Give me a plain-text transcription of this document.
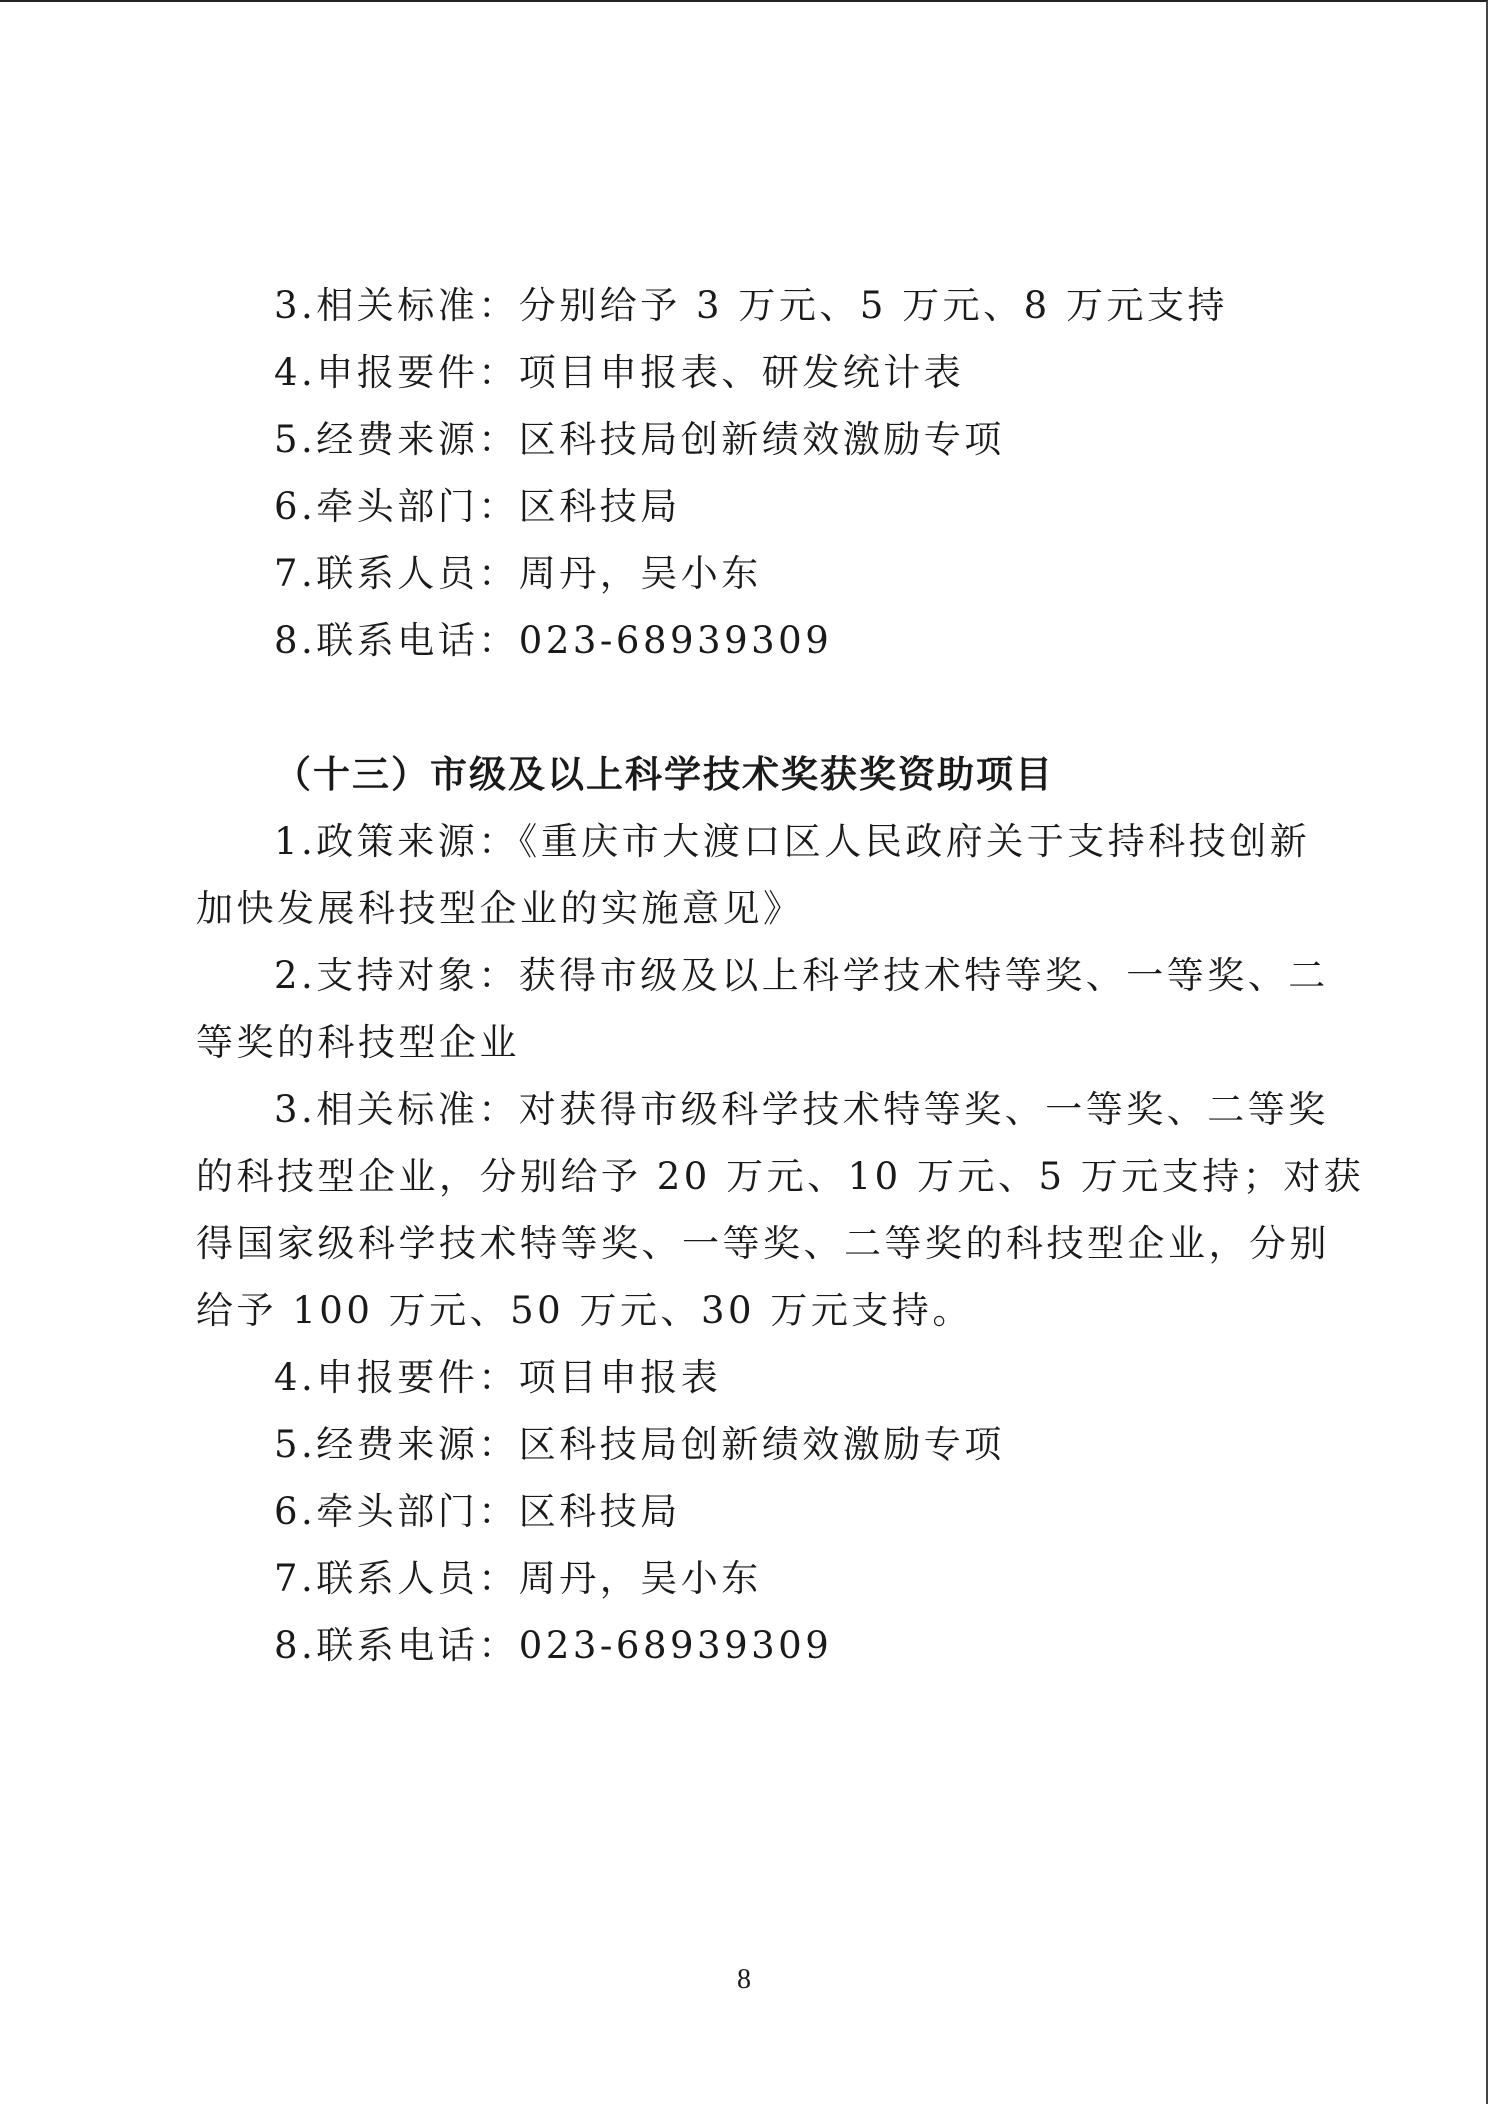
3.相关标准：分别给予 3 万元、5 万元、8 万元支持
4.申报要件：项目申报表、研发统计表
5.经费来源：区科技局创新绩效激励专项
6.牵头部门：区科技局
7.联系人员：周丹，吴小东
8.联系电话：023-68939309
（十三）市级及以上科学技术奖获奖资助项目
1.政策来源：《重庆市大渡口区人民政府关于支持科技创新
加快发展科技型企业的实施意见》
2.支持对象：获得市级及以上科学技术特等奖、一等奖、二
等奖的科技型企业
3.相关标准：对获得市级科学技术特等奖、一等奖、二等奖
的科技型企业，分别给予 20 万元、10 万元、5 万元支持；对获
得国家级科学技术特等奖、一等奖、二等奖的科技型企业，分别
给予 100 万元、50 万元、30 万元支持。
4.申报要件：项目申报表
5.经费来源：区科技局创新绩效激励专项
6.牵头部门：区科技局
7.联系人员：周丹，吴小东
8.联系电话：023-68939309
8
